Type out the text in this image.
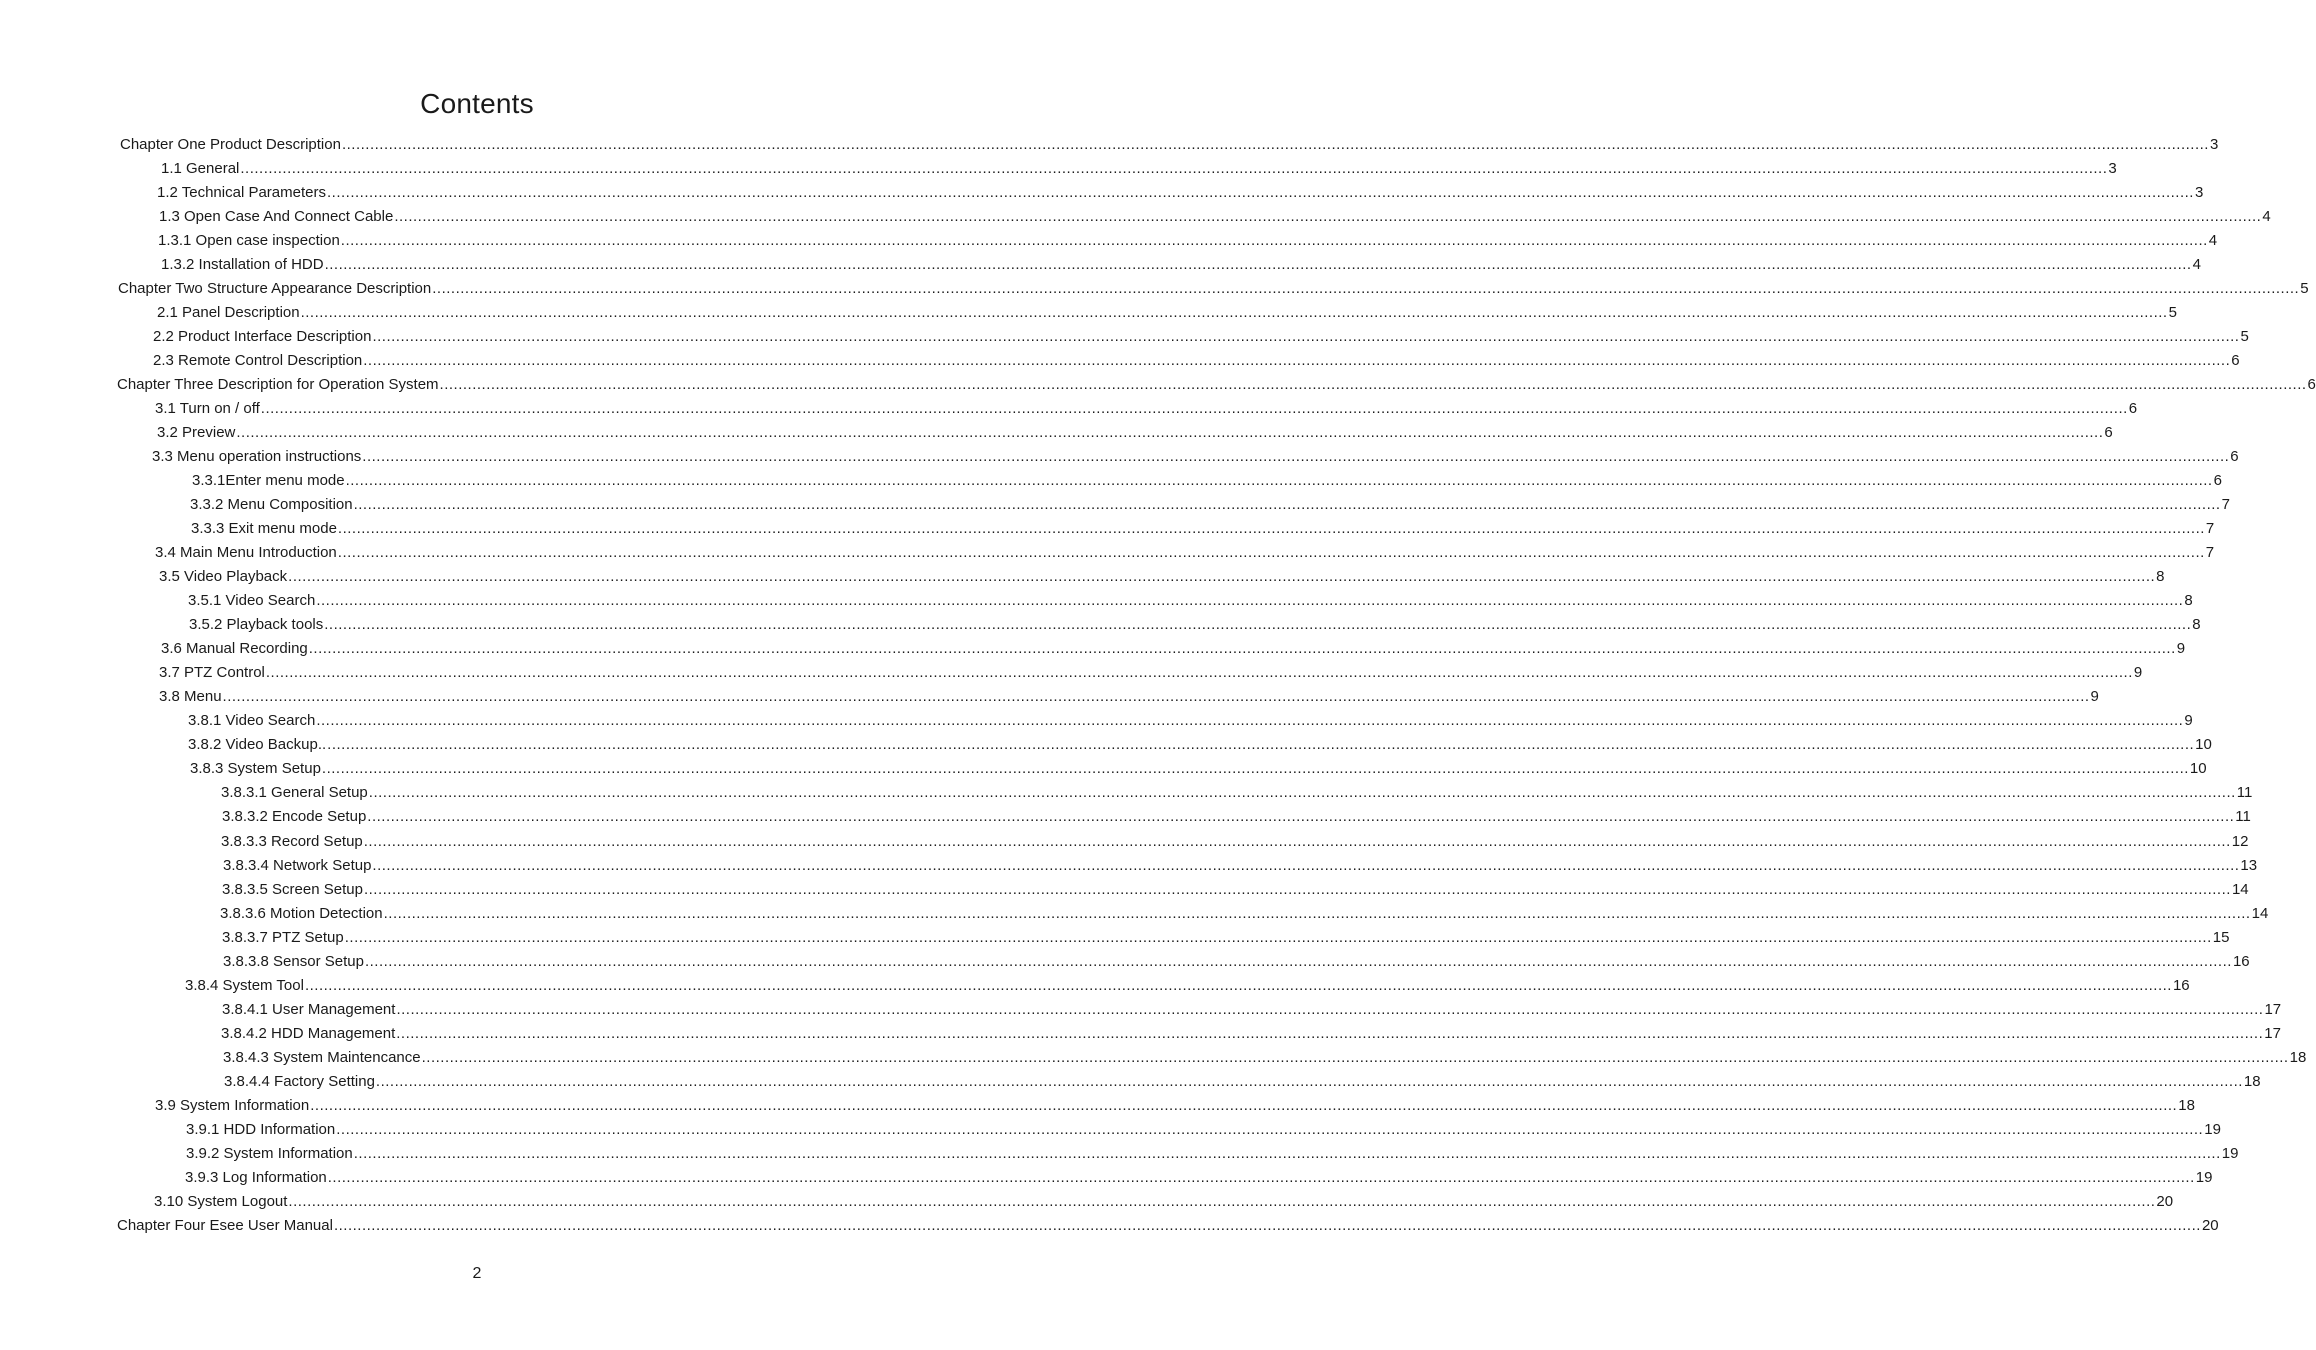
Contents
Chapter One Product Description ................................................................................................................................................................................................................................................................................................................................................................................................................ 3
1.1 General ................................................................................................................................................................................................................................................................................................................................................................................................................ 3
1.2 Technical Parameters ................................................................................................................................................................................................................................................................................................................................................................................................................ 3
1.3 Open Case And Connect Cable ................................................................................................................................................................................................................................................................................................................................................................................................................ 4
1.3.1 Open case inspection ................................................................................................................................................................................................................................................................................................................................................................................................................ 4
1.3.2 Installation of HDD ................................................................................................................................................................................................................................................................................................................................................................................................................ 4
Chapter Two Structure Appearance Description ................................................................................................................................................................................................................................................................................................................................................................................................................ 5
2.1 Panel Description ................................................................................................................................................................................................................................................................................................................................................................................................................ 5
2.2 Product Interface Description ................................................................................................................................................................................................................................................................................................................................................................................................................ 5
2.3 Remote Control Description ................................................................................................................................................................................................................................................................................................................................................................................................................ 6
Chapter Three Description for Operation System ................................................................................................................................................................................................................................................................................................................................................................................................................ 6
3.1 Turn on / off ................................................................................................................................................................................................................................................................................................................................................................................................................ 6
3.2 Preview ................................................................................................................................................................................................................................................................................................................................................................................................................ 6
3.3 Menu operation instructions ................................................................................................................................................................................................................................................................................................................................................................................................................ 6
3.3.1Enter menu mode ................................................................................................................................................................................................................................................................................................................................................................................................................ 6
3.3.2 Menu Composition ................................................................................................................................................................................................................................................................................................................................................................................................................ 7
3.3.3 Exit menu mode ................................................................................................................................................................................................................................................................................................................................................................................................................ 7
3.4 Main Menu Introduction ................................................................................................................................................................................................................................................................................................................................................................................................................ 7
3.5 Video Playback ................................................................................................................................................................................................................................................................................................................................................................................................................ 8
3.5.1 Video Search ................................................................................................................................................................................................................................................................................................................................................................................................................ 8
3.5.2 Playback tools ................................................................................................................................................................................................................................................................................................................................................................................................................ 8
3.6 Manual Recording ................................................................................................................................................................................................................................................................................................................................................................................................................ 9
3.7 PTZ Control ................................................................................................................................................................................................................................................................................................................................................................................................................ 9
3.8 Menu ................................................................................................................................................................................................................................................................................................................................................................................................................ 9
3.8.1 Video Search ................................................................................................................................................................................................................................................................................................................................................................................................................ 9
3.8.2 Video Backup.. ................................................................................................................................................................................................................................................................................................................................................................................................................ 10
3.8.3 System Setup ................................................................................................................................................................................................................................................................................................................................................................................................................ 10
3.8.3.1 General Setup ................................................................................................................................................................................................................................................................................................................................................................................................................ 11
3.8.3.2 Encode Setup ................................................................................................................................................................................................................................................................................................................................................................................................................ 11
3.8.3.3 Record Setup ................................................................................................................................................................................................................................................................................................................................................................................................................ 12
3.8.3.4 Network Setup ................................................................................................................................................................................................................................................................................................................................................................................................................ 13
3.8.3.5 Screen Setup ................................................................................................................................................................................................................................................................................................................................................................................................................ 14
3.8.3.6 Motion Detection ................................................................................................................................................................................................................................................................................................................................................................................................................ 14
3.8.3.7 PTZ Setup ................................................................................................................................................................................................................................................................................................................................................................................................................ 15
3.8.3.8 Sensor Setup ................................................................................................................................................................................................................................................................................................................................................................................................................ 16
3.8.4 System Tool ................................................................................................................................................................................................................................................................................................................................................................................................................ 16
3.8.4.1 User Management ................................................................................................................................................................................................................................................................................................................................................................................................................ 17
3.8.4.2 HDD Management ................................................................................................................................................................................................................................................................................................................................................................................................................ 17
3.8.4.3 System Maintencance ................................................................................................................................................................................................................................................................................................................................................................................................................ 18
3.8.4.4 Factory Setting ................................................................................................................................................................................................................................................................................................................................................................................................................ 18
3.9 System Information ................................................................................................................................................................................................................................................................................................................................................................................................................ 18
3.9.1 HDD Information ................................................................................................................................................................................................................................................................................................................................................................................................................ 19
3.9.2 System Information ................................................................................................................................................................................................................................................................................................................................................................................................................ 19
3.9.3 Log Information ................................................................................................................................................................................................................................................................................................................................................................................................................ 19
3.10 System Logout ................................................................................................................................................................................................................................................................................................................................................................................................................ 20
Chapter Four Esee User Manual ................................................................................................................................................................................................................................................................................................................................................................................................................ 20
2
